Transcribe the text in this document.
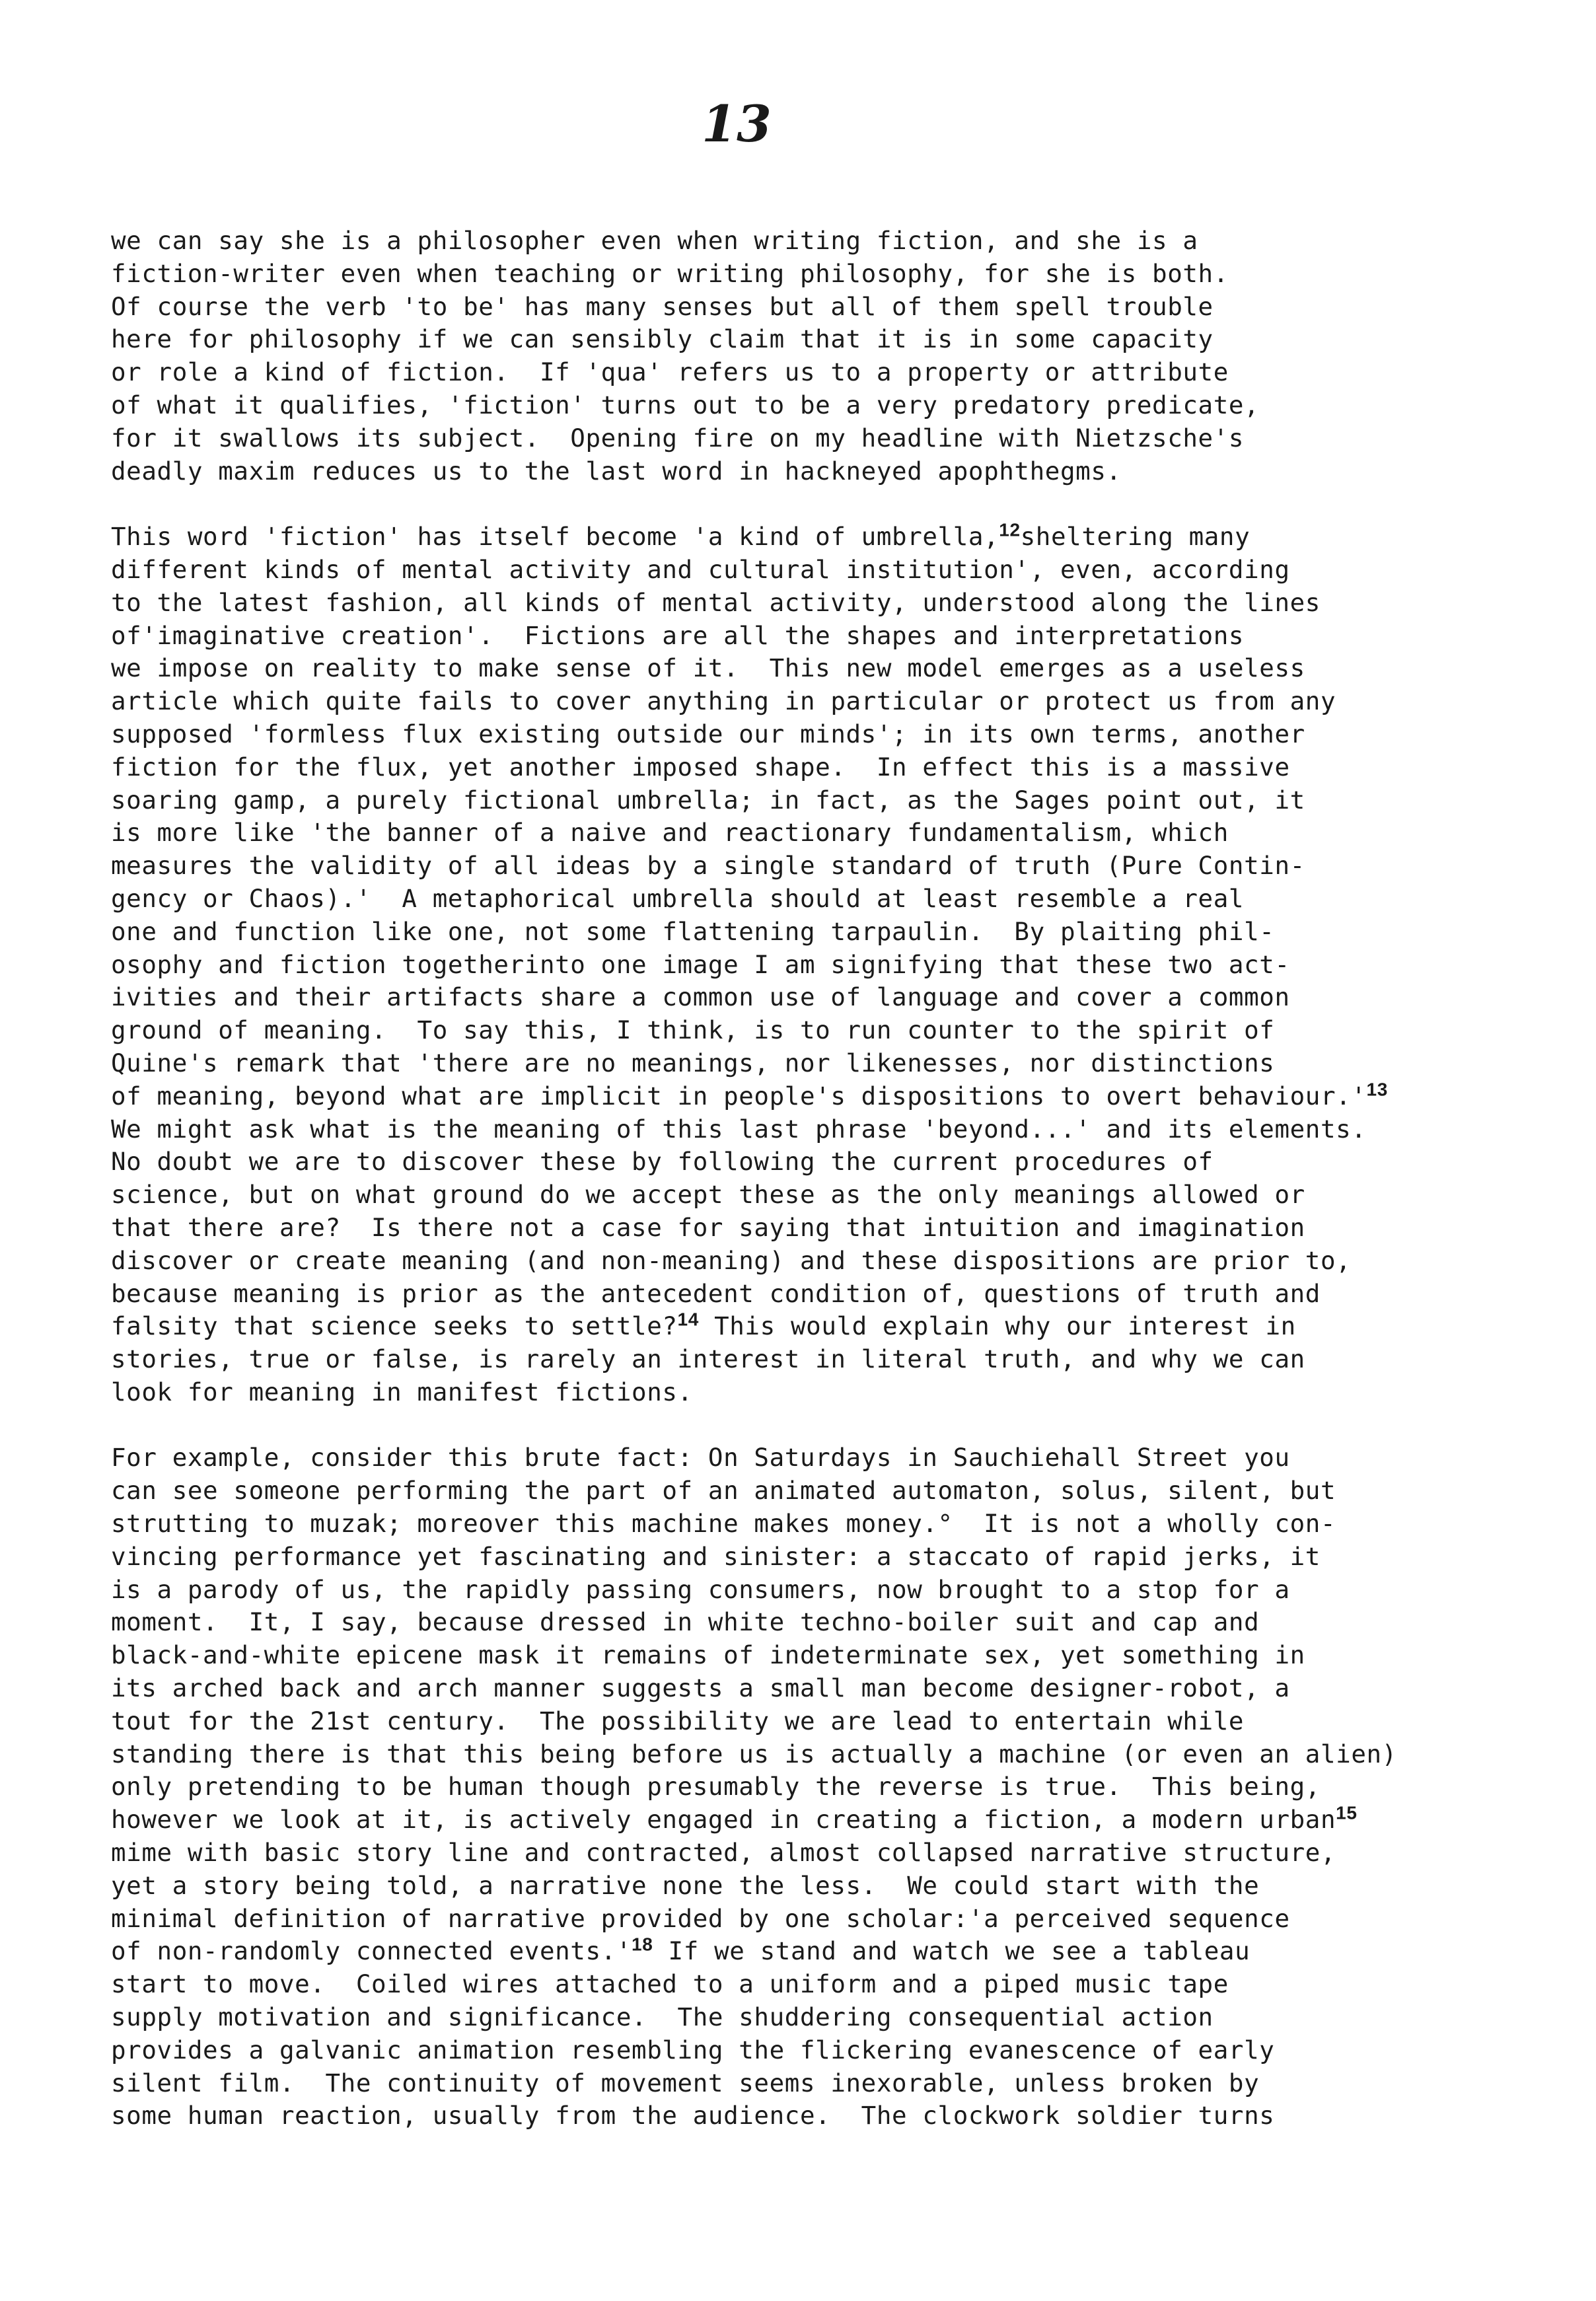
13
we can say she is a philosopher even when writing fiction, and she is a
fiction-writer even when teaching or writing philosophy, for she is both.
Of course the verb 'to be' has many senses but all of them spell trouble
here for philosophy if we can sensibly claim that it is in some capacity
or role a kind of fiction.  If 'qua' refers us to a property or attribute
of what it qualifies, 'fiction' turns out to be a very predatory predicate,
for it swallows its subject.  Opening fire on my headline with Nietzsche's
deadly maxim reduces us to the last word in hackneyed apophthegms.
This word 'fiction' has itself become 'a kind of umbrella,$^{12}$sheltering many
different kinds of mental activity and cultural institution', even, according
to the latest fashion, all kinds of mental activity, understood along the lines
of'imaginative creation'.  Fictions are all the shapes and interpretations
we impose on reality to make sense of it.  This new model emerges as a useless
article which quite fails to cover anything in particular or protect us from any
supposed 'formless flux existing outside our minds'; in its own terms, another
fiction for the flux, yet another imposed shape.  In effect this is a massive
soaring gamp, a purely fictional umbrella; in fact, as the Sages point out, it
is more like 'the banner of a naive and reactionary fundamentalism, which
measures the validity of all ideas by a single standard of truth (Pure Contin-
gency or Chaos).'  A metaphorical umbrella should at least resemble a real
one and function like one, not some flattening tarpaulin.  By plaiting phil-
osophy and fiction togetherinto one image I am signifying that these two act-
ivities and their artifacts share a common use of language and cover a common
ground of meaning.  To say this, I think, is to run counter to the spirit of
Quine's remark that 'there are no meanings, nor likenesses, nor distinctions
of meaning, beyond what are implicit in people's dispositions to overt $behaviour.'^{13}$
We might ask what is the meaning of this last phrase 'beyond...' and its elements.
No doubt we are to discover these by following the current procedures of
science, but on what ground do we accept these as the only meanings allowed or
that there are?  Is there not a case for saying that intuition and imagination
discover or create meaning (and non-meaning) and these dispositions are prior to,
because meaning is prior as the antecedent condition of, questions of truth and
falsity that science seeks to settle?$^{14}$ This would explain why our interest in
stories, true or false, is rarely an interest in literal truth, and why we can
look for meaning in manifest fictions.
For example, consider this brute fact: On Saturdays in Sauchiehall Street you
can see someone performing the part of an animated automaton, solus, silent, but
strutting to muzak; moreover this machine makes money.°  It is not a wholly con-
vincing performance yet fascinating and sinister: a staccato of rapid jerks, it
is a parody of us, the rapidly passing consumers, now brought to a stop for a
moment.  It, I say, because dressed in white techno-boiler suit and cap and
black-and-white epicene mask it remains of indeterminate sex, yet something in
its arched back and arch manner suggests a small man become designer-robot, a
tout for the 21st century.  The possibility we are lead to entertain while
standing there is that this being before us is actually a machine (or even an alien)
only pretending to be human though presumably the reverse is true.  This being,
however we look at it, is actively engaged in creating a fiction, a modern urban$^{15}$
mime with basic story line and contracted, almost collapsed narrative structure,
yet a story being told, a narrative none the less.  We could start with the
minimal definition of narrative provided by one scholar:'a perceived sequence
of non-randomly connected $events.'^{18}$ If we stand and watch we see a tableau
start to move.  Coiled wires attached to a uniform and a piped music tape
supply motivation and significance.  The shuddering consequential action
provides a galvanic animation resembling the flickering evanescence of early
silent film.  The continuity of movement seems inexorable, unless broken by
some human reaction, usually from the audience.  The clockwork soldier turns
